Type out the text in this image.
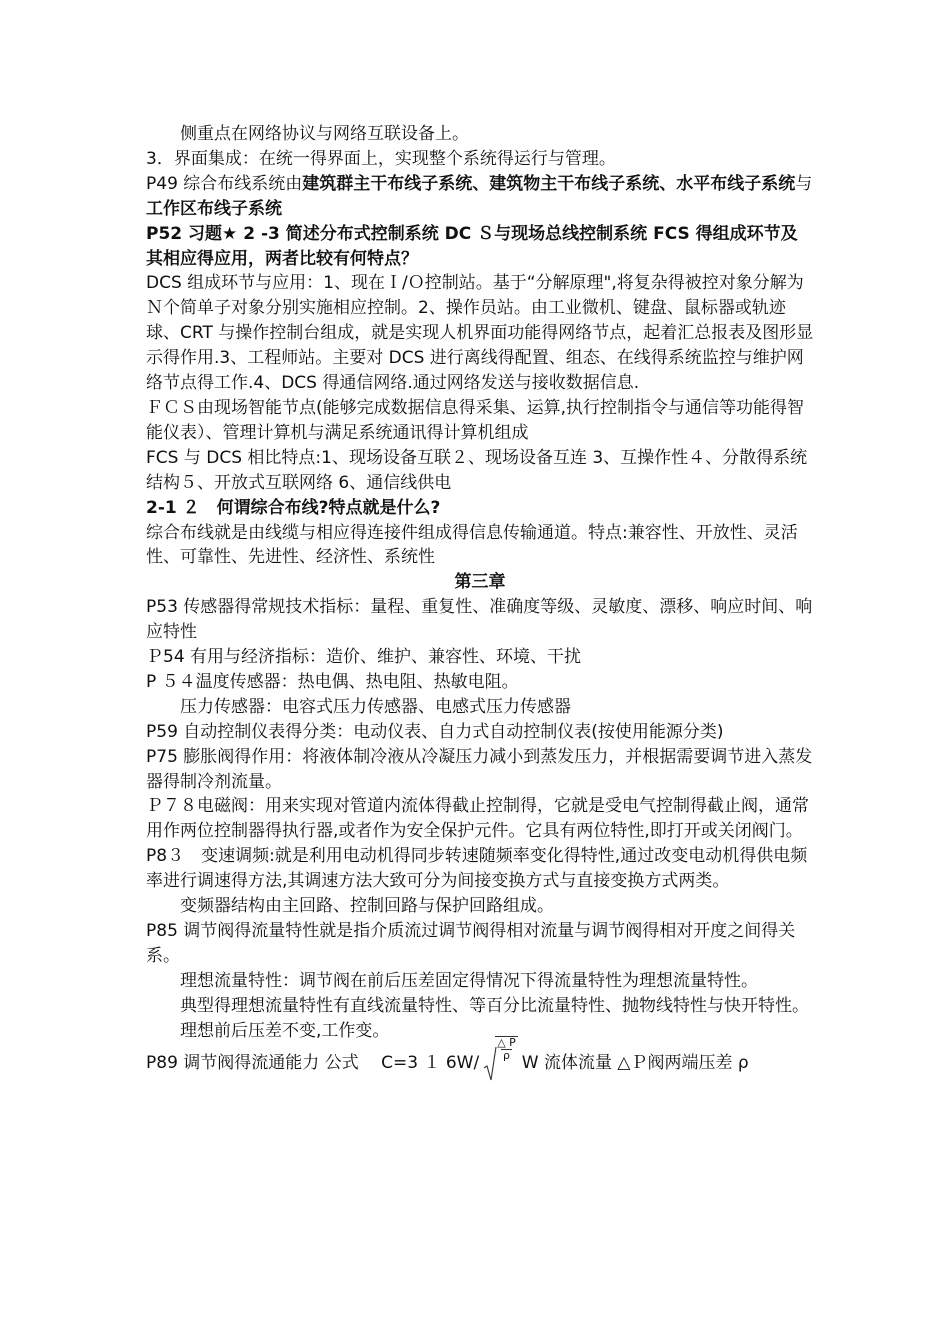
侧重点在网络协议与网络互联设备上。

3．界面集成：在统一得界面上，实现整个系统得运行与管理。

P49 综合布线系统由建筑群主干布线子系统、建筑物主干布线子系统、水平布线子系统与工作区布线子系统

P52 习题★ 2 -3 简述分布式控制系统 DC Ｓ与现场总线控制系统 FCS 得组成环节及其相应得应用，两者比较有何特点？

DCS 组成环节与应用：1、现在Ｉ/Ｏ控制站。基于“分解原理",将复杂得被控对象分解为Ｎ个简单子对象分别实施相应控制。2、操作员站。由工业微机、键盘、鼠标器或轨迹球、CRT 与操作控制台组成，就是实现人机界面功能得网络节点，起着汇总报表及图形显示得作用.3、工程师站。主要对 DCS 进行离线得配置、组态、在线得系统监控与维护网络节点得工作.4、DCS 得通信网络.通过网络发送与接收数据信息.

ＦＣＳ由现场智能节点(能够完成数据信息得采集、运算,执行控制指令与通信等功能得智能仪表）、管理计算机与满足系统通讯得计算机组成

FCS 与 DCS 相比特点:1、现场设备互联２、现场设备互连 3、互操作性４、分散得系统结构５、开放式互联网络 6、通信线供电

2-1 ２　何谓综合布线?特点就是什么?

综合布线就是由线缆与相应得连接件组成得信息传输通道。特点:兼容性、开放性、灵活性、可靠性、先进性、经济性、系统性

第三章

P53 传感器得常规技术指标：量程、重复性、准确度等级、灵敏度、漂移、响应时间、响应特性

Ｐ54 有用与经济指标：造价、维护、兼容性、环境、干扰

P ５４温度传感器：热电偶、热电阻、热敏电阻。

压力传感器：电容式压力传感器、电感式压力传感器

P59 自动控制仪表得分类：电动仪表、自力式自动控制仪表(按使用能源分类)

P75 膨胀阀得作用：将液体制冷液从冷凝压力减小到蒸发压力，并根据需要调节进入蒸发器得制冷剂流量。

Ｐ７８电磁阀：用来实现对管道内流体得截止控制得，它就是受电气控制得截止阀，通常用作两位控制器得执行器,或者作为安全保护元件。它具有两位特性,即打开或关闭阀门。

P8３　变速调频:就是利用电动机得同步转速随频率变化得特性,通过改变电动机得供电频率进行调速得方法,其调速方法大致可分为间接变换方式与直接变换方式两类。

变频器结构由主回路、控制回路与保护回路组成。

P85 调节阀得流量特性就是指介质流过调节阀得相对流量与调节阀得相对开度之间得关系。

理想流量特性：调节阀在前后压差固定得情况下得流量特性为理想流量特性。

典型得理想流量特性有直线流量特性、等百分比流量特性、抛物线特性与快开特性。

理想前后压差不变,工作变。

P89 调节阀得流通能力 公式　 C=3 １ 6W/
$\frac{\triangle P}{\rho}$
W 流体流量 △Ｐ阀两端压差 ρ
